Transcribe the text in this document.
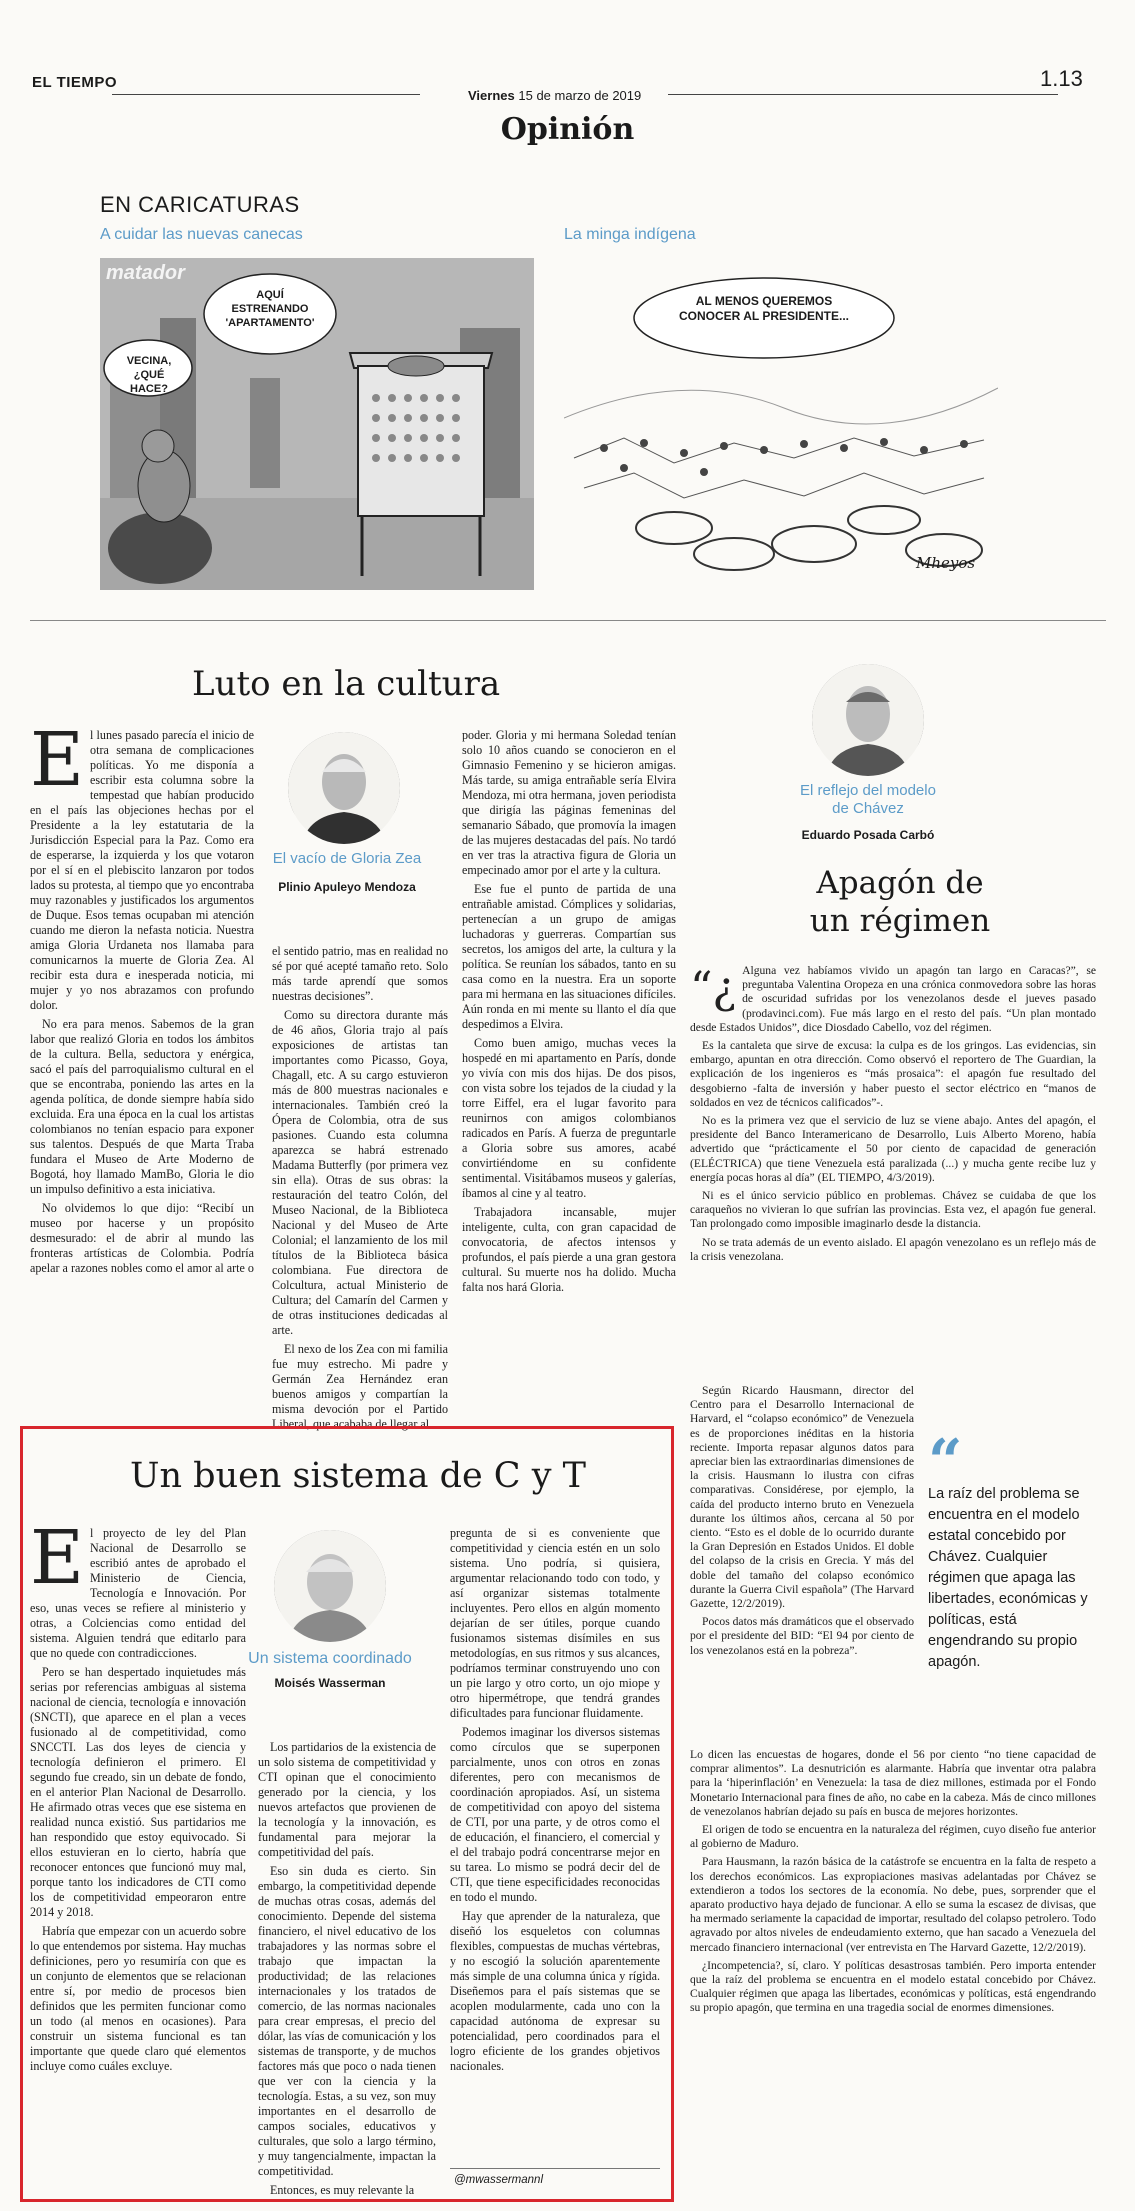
EL TIEMPO
Viernes 15 de marzo de 2019
1.13
Opinión
EN CARICATURAS
A cuidar las nuevas canecas	La minga indígena
matador
AQUÍ ESTRENANDO 'APARTAMENTO'
VECINA, ¿QUÉ HACE?
AL MENOS QUEREMOS CONOCER AL PRESIDENTE...
Mheyos
Luto en la cultura
E l lunes pasado parecía el inicio de otra semana de complicaciones políticas. Yo me disponía a escribir esta columna sobre la tempestad que habían producido en el país las objeciones hechas por el Presidente a la ley estatutaria de la Jurisdicción Especial para la Paz. Como era de esperarse, la izquierda y los que votaron por el sí en el plebiscito lanzaron por todos lados su protesta, al tiempo que yo encontraba muy razonables y justificados los argumentos de Duque. Esos temas ocupaban mi atención cuando me dieron la nefasta noticia. Nuestra amiga Gloria Urdaneta nos llamaba para comunicarnos la muerte de Gloria Zea. Al recibir esta dura e inesperada noticia, mi mujer y yo nos abrazamos con profundo dolor.

No era para menos. Sabemos de la gran labor que realizó Gloria en todos los ámbitos de la cultura. Bella, seductora y enérgica, sacó el país del parroquialismo cultural en el que se encontraba, poniendo las artes en la agenda política, de donde siempre había sido excluida. Era una época en la cual los artistas colombianos no tenían espacio para exponer sus talentos. Después de que Marta Traba fundara el Museo de Arte Moderno de Bogotá, hoy llamado MamBo, Gloria le dio un impulso definitivo a esta iniciativa.

No olvidemos lo que dijo: “Recibí un museo por hacerse y un propósito desmesurado: el de abrir al mundo las fronteras artísticas de Colombia. Podría apelar a razones nobles como el amor al arte o

El vacío de Gloria Zea
Plinio Apuleyo Mendoza

el sentido patrio, mas en realidad no sé por qué acepté tamaño reto. Solo más tarde aprendí que somos nuestras decisiones”.

Como su directora durante más de 46 años, Gloria trajo al país exposiciones de artistas tan importantes como Picasso, Goya, Chagall, etc. A su cargo estuvieron más de 800 muestras nacionales e internacionales. También creó la Ópera de Colombia, otra de sus pasiones. Cuando esta columna aparezca se habrá estrenado Madama Butterfly (por primera vez sin ella). Otras de sus obras: la restauración del teatro Colón, del Museo Nacional, de la Biblioteca Nacional y del Museo de Arte Colonial; el lanzamiento de los mil títulos de la Biblioteca básica colombiana. Fue directora de Colcultura, actual Ministerio de Cultura; del Camarín del Carmen y de otras instituciones dedicadas al arte.

El nexo de los Zea con mi familia fue muy estrecho. Mi padre y Germán Zea Hernández eran buenos amigos y compartían la misma devoción por el Partido Liberal, que acababa de llegar al

poder. Gloria y mi hermana Soledad tenían solo 10 años cuando se conocieron en el Gimnasio Femenino y se hicieron amigas. Más tarde, su amiga entrañable sería Elvira Mendoza, mi otra hermana, joven periodista que dirigía las páginas femeninas del semanario Sábado, que promovía la imagen de las mujeres destacadas del país. No tardó en ver tras la atractiva figura de Gloria un empecinado amor por el arte y la cultura.

Ese fue el punto de partida de una entrañable amistad. Cómplices y solidarias, pertenecían a un grupo de amigas luchadoras y guerreras. Compartían sus secretos, los amigos del arte, la cultura y la política. Se reunían los sábados, tanto en su casa como en la nuestra. Era un soporte para mi hermana en las situaciones difíciles. Aún ronda en mi mente su llanto el día que despedimos a Elvira.

Como buen amigo, muchas veces la hospedé en mi apartamento en París, donde yo vivía con mis dos hijas. De dos pisos, con vista sobre los tejados de la ciudad y la torre Eiffel, era el lugar favorito para reunirnos con amigos colombianos radicados en París. A fuerza de preguntarle a Gloria sobre sus amores, acabé convirtiéndome en su confidente sentimental. Visitábamos museos y galerías, íbamos al cine y al teatro.

Trabajadora incansable, mujer inteligente, culta, con gran capacidad de convocatoria, de afectos intensos y profundos, el país pierde a una gran gestora cultural. Su muerte nos ha dolido. Mucha falta nos hará Gloria.

El reflejo del modelo de Chávez
Eduardo Posada Carbó
Apagón de
un régimen
“¿ Alguna vez habíamos vivido un apagón tan largo en Caracas?”, se preguntaba Valentina Oropeza en una crónica conmovedora sobre las horas de oscuridad sufridas por los venezolanos desde el jueves pasado (prodavinci.com). Fue más largo en el resto del país. “Un plan montado desde Estados Unidos”, dice Diosdado Cabello, voz del régimen.

Es la cantaleta que sirve de excusa: la culpa es de los gringos. Las evidencias, sin embargo, apuntan en otra dirección. Como observó el reportero de The Guardian, la explicación de los ingenieros es “más prosaica”: el apagón fue resultado del desgobierno -falta de inversión y haber puesto el sector eléctrico en “manos de soldados en vez de técnicos calificados”-.

No es la primera vez que el servicio de luz se viene abajo. Antes del apagón, el presidente del Banco Interamericano de Desarrollo, Luis Alberto Moreno, había advertido que “prácticamente el 50 por ciento de capacidad de generación (ELÉCTRICA) que tiene Venezuela está paralizada (...) y mucha gente recibe luz y energía pocas horas al día” (EL TIEMPO, 4/3/2019).

Ni es el único servicio público en problemas. Chávez se cuidaba de que los caraqueños no vivieran lo que sufrían las provincias. Esta vez, el apagón fue general. Tan prolongado como imposible imaginarlo desde la distancia.

No se trata además de un evento aislado. El apagón venezolano es un reflejo más de la crisis venezolana.

Según Ricardo Hausmann, director del Centro para el Desarrollo Internacional de Harvard, el “colapso económico” de Venezuela es de proporciones inéditas en la historia reciente. Importa repasar algunos datos para apreciar bien las extraordinarias dimensiones de la crisis. Hausmann lo ilustra con cifras comparativas. Considérese, por ejemplo, la caída del producto interno bruto en Venezuela durante los últimos años, cercana al 50 por ciento. “Esto es el doble de lo ocurrido durante la Gran Depresión en Estados Unidos. El doble del colapso de la crisis en Grecia. Y más del doble del tamaño del colapso económico durante la Guerra Civil española” (The Harvard Gazette, 12/2/2019).

Pocos datos más dramáticos que el observado por el presidente del BID: “El 94 por ciento de los venezolanos está en la pobreza”.

“
La raíz del problema se encuentra en el modelo estatal concebido por Chávez. Cualquier régimen que apaga las libertades, económicas y políticas, está engendrando su propio apagón.

Lo dicen las encuestas de hogares, donde el 56 por ciento “no tiene capacidad de comprar alimentos”. La desnutrición es alarmante. Habría que inventar otra palabra para la ‘hiperinflación’ en Venezuela: la tasa de diez millones, estimada por el Fondo Monetario Internacional para fines de año, no cabe en la cabeza. Más de cinco millones de venezolanos habrían dejado su país en busca de mejores horizontes.

El origen de todo se encuentra en la naturaleza del régimen, cuyo diseño fue anterior al gobierno de Maduro.

Para Hausmann, la razón básica de la catástrofe se encuentra en la falta de respeto a los derechos económicos. Las expropiaciones masivas adelantadas por Chávez se extendieron a todos los sectores de la economía. No debe, pues, sorprender que el aparato productivo haya dejado de funcionar. A ello se suma la escasez de divisas, que ha mermado seriamente la capacidad de importar, resultado del colapso petrolero. Todo agravado por altos niveles de endeudamiento externo, que han sacado a Venezuela del mercado financiero internacional (ver entrevista en The Harvard Gazette, 12/2/2019).

¿Incompetencia?, sí, claro. Y políticas desastrosas también. Pero importa entender que la raíz del problema se encuentra en el modelo estatal concebido por Chávez. Cualquier régimen que apaga las libertades, económicas y políticas, está engendrando su propio apagón, que termina en una tragedia social de enormes dimensiones.

Un buen sistema de C y T
E l proyecto de ley del Plan Nacional de Desarrollo se escribió antes de aprobado el Ministerio de Ciencia, Tecnología e Innovación. Por eso, unas veces se refiere al ministerio y otras, a Colciencias como entidad del sistema. Alguien tendrá que editarlo para que no quede con contradicciones.

Pero se han despertado inquietudes más serias por referencias ambiguas al sistema nacional de ciencia, tecnología e innovación (SNCTI), que aparece en el plan a veces fusionado al de competitividad, como SNCCTI. Las dos leyes de ciencia y tecnología definieron el primero. El segundo fue creado, sin un debate de fondo, en el anterior Plan Nacional de Desarrollo. He afirmado otras veces que ese sistema en realidad nunca existió. Sus partidarios me han respondido que estoy equivocado. Si ellos estuvieran en lo cierto, habría que reconocer entonces que funcionó muy mal, porque tanto los indicadores de CTI como los de competitividad empeoraron entre 2014 y 2018.

Habría que empezar con un acuerdo sobre lo que entendemos por sistema. Hay muchas definiciones, pero yo resumiría con que es un conjunto de elementos que se relacionan entre sí, por medio de procesos bien definidos que les permiten funcionar como un todo (al menos en ocasiones). Para construir un sistema funcional es tan importante que quede claro qué elementos incluye como cuáles excluye.

Un sistema coordinado
Moisés Wasserman

Los partidarios de la existencia de un solo sistema de competitividad y CTI opinan que el conocimiento generado por la ciencia, y los nuevos artefactos que provienen de la tecnología y la innovación, es fundamental para mejorar la competitividad del país.

Eso sin duda es cierto. Sin embargo, la competitividad depende de muchas otras cosas, además del conocimiento. Depende del sistema financiero, el nivel educativo de los trabajadores y las normas sobre el trabajo que impactan la productividad; de las relaciones internacionales y los tratados de comercio, de las normas nacionales para crear empresas, el precio del dólar, las vías de comunicación y los sistemas de transporte, y de muchos factores más que poco o nada tienen que ver con la ciencia y la tecnología. Estas, a su vez, son muy importantes en el desarrollo de campos sociales, educativos y culturales, que solo a largo término, y muy tangencialmente, impactan la competitividad.

Entonces, es muy relevante la

pregunta de si es conveniente que competitividad y ciencia estén en un solo sistema. Uno podría, si quisiera, argumentar relacionando todo con todo, y así organizar sistemas totalmente incluyentes. Pero ellos en algún momento dejarían de ser útiles, porque cuando fusionamos sistemas disímiles en sus metodologías, en sus ritmos y sus alcances, podríamos terminar construyendo uno con un pie largo y otro corto, un ojo miope y otro hipermétrope, que tendrá grandes dificultades para funcionar fluidamente.

Podemos imaginar los diversos sistemas como círculos que se superponen parcialmente, unos con otros en zonas diferentes, pero con mecanismos de coordinación apropiados. Así, un sistema de competitividad con apoyo del sistema de CTI, por una parte, y de otros como el de educación, el financiero, el comercial y el del trabajo podrá concentrarse mejor en su tarea. Lo mismo se podrá decir del de CTI, que tiene especificidades reconocidas en todo el mundo.

Hay que aprender de la naturaleza, que diseñó los esqueletos con columnas flexibles, compuestas de muchas vértebras, y no escogió la solución aparentemente más simple de una columna única y rígida. Diseñemos para el país sistemas que se acoplen modularmente, cada uno con la capacidad autónoma de expresar su potencialidad, pero coordinados para el logro eficiente de los grandes objetivos nacionales.

@mwassermannl
